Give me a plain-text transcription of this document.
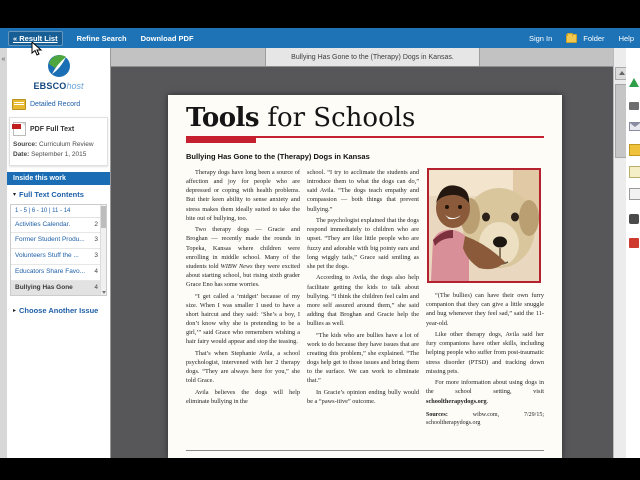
« Result List	Refine Search Download PDF	Sign In	Folder Help
«
EBSCOhost
Detailed Record
PDF Full Text
Source: Curriculum Review
Date: September 1, 2015
Inside this work
▾ Full Text Contents
1 - 5 | 6 - 10 | 11 - 14
Activities Calendar.	2
Former Student Produ... 3
Volunteers Stuff the ... 3
Educators Share Favo... 4
Bullying Has Gone	4
▸ Choose Another Issue
Bullying Has Gone to the (Therapy) Dogs in Kansas.
Tools for Schools
Bullying Has Gone to the (Therapy) Dogs in Kansas

Therapy dogs have long been a source of affection and joy for people who are depressed or coping with health problems. But their keen ability to sense anxiety and stress makes them ideally suited to take the bite out of bullying, too.

Two therapy dogs — Gracie and Broghan — recently made the rounds in Topeka, Kansas where children were enrolling in middle school. Many of the students told WIBW News they were excited about starting school, but rising sixth grader Grace Eno has some worries.

“I get called a ‘midget’ because of my size. When I was smaller I used to have a short haircut and they said: ‘She’s a boy, I don’t know why she is pretending to be a girl,’” said Grace who remembers wishing a hair fairy would appear and stop the teasing.

That’s when Stephanie Avila, a school psychologist, intervened with her 2 therapy dogs. “They are always here for you,” she told Grace.

Avila believes the dogs will help eliminate bullying in the

school. “I try to acclimate the students and introduce them to what the dogs can do,” said Avila. “The dogs teach empathy and compassion — both things that prevent bullying.”

The psychologist explained that the dogs respond immediately to children who are upset. “They are like little people who are fuzzy and adorable with big pointy ears and long wiggly tails,” Grace said smiling as she pet the dogs.

According to Avila, the dogs also help facilitate getting the kids to talk about bullying. “I think the children feel calm and more self assured around them,” she said adding that Broghan and Gracie help the bullies as well.

“The kids who are bullies have a lot of work to do because they have issues that are creating this problem,” she explained. “The dogs help get to those issues and bring them to the surface. We can work to eliminate that.”

In Gracie’s opinion ending bully would be a “paws-itive” outcome.

“(The bullies) can have their own furry companion that they can give a little snuggle and hug whenever they feel sad,” said the 11-year-old.

Like other therapy dogs, Avila said her fury companions have other skills, including helping people who suffer from post-traumatic stress disorder (PTSD) and tracking down missing pets.

For more information about using dogs in the school setting, visit schooltherapydogs.org.

Sources: wibw.com, 7/29/15; schooltherapydogs.org
